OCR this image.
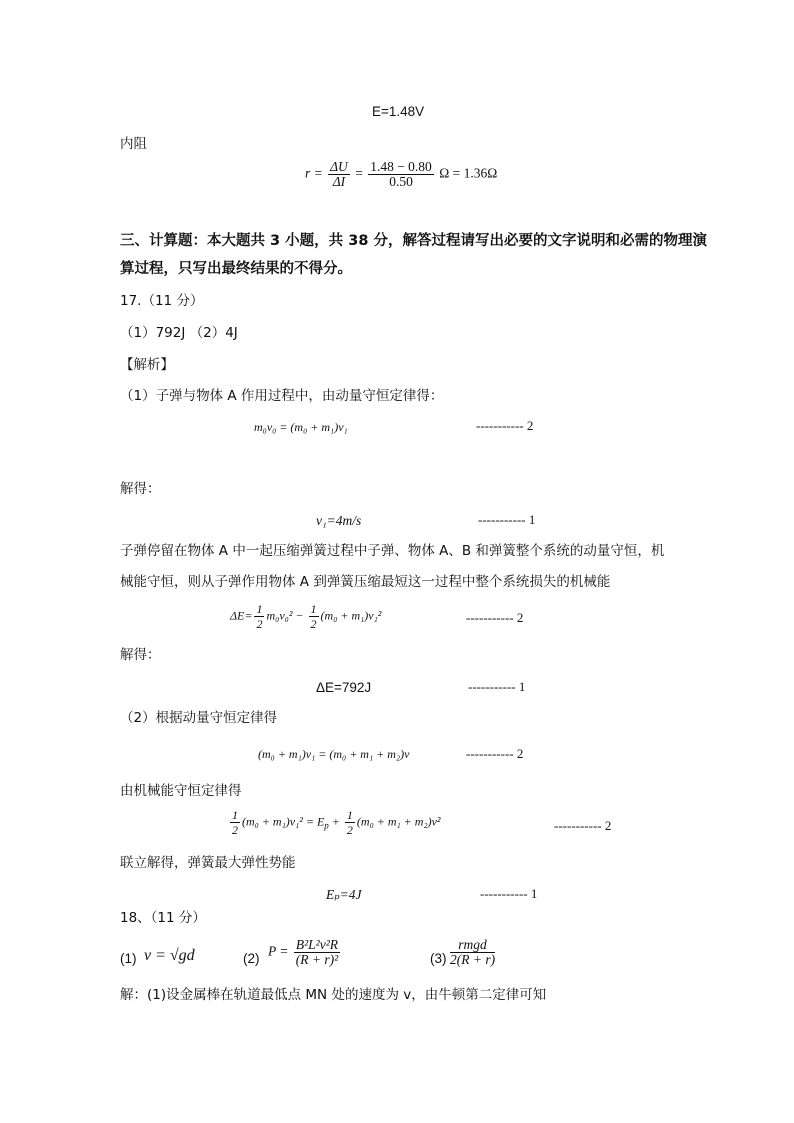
E=1.48V
内阻
$r = \frac{\Delta U}{\Delta I} = \frac{1.48 - 0.80}{0.50}$ Ω = 1.36Ω
三、计算题：本大题共 3 小题，共 38 分，解答过程请写出必要的文字说明和必需的物理演
算过程，只写出最终结果的不得分。
17.（11 分）
（1）792J （2）4J
【解析】
（1）子弹与物体 A 作用过程中，由动量守恒定律得：
m₀v₀ = (m₀ + m₁)v₁	----------- 2
解得：
v₁=4m/s	----------- 1
子弹停留在物体 A 中一起压缩弹簧过程中子弹、物体 A、B 和弹簧整个系统的动量守恒，机
械能守恒，则从子弹作用物体 A 到弹簧压缩最短这一过程中整个系统损失的机械能
$\Delta E= \frac{1}{2} m_0v_0^2 - \frac{1}{2} (m_0 + m_1)v_1^2$	----------- 2
解得：
ΔE=792J	----------- 1
（2）根据动量守恒定律得
(m₀ + m₁)v₁ = (m₀ + m₁ + m₂)v	----------- 2
由机械能守恒定律得
$\frac{1}{2} (m_0 + m_1)v_1^2 = E_p + \frac{1}{2} (m_0 + m_1 + m_2)v^2$	----------- 2
联立解得，弹簧最大弹性势能
Eₚ=4J	----------- 1
18、（11 分）
(1) v = √gd	(2) $P = \frac{\text{B²L²v²R}}{\text{(R + r)²}}$	$(3) \frac{\text{rmgd}}{2(R + r)}$
解：(1)设金属棒在轨道最低点 MN 处的速度为 v，由牛顿第二定律可知
